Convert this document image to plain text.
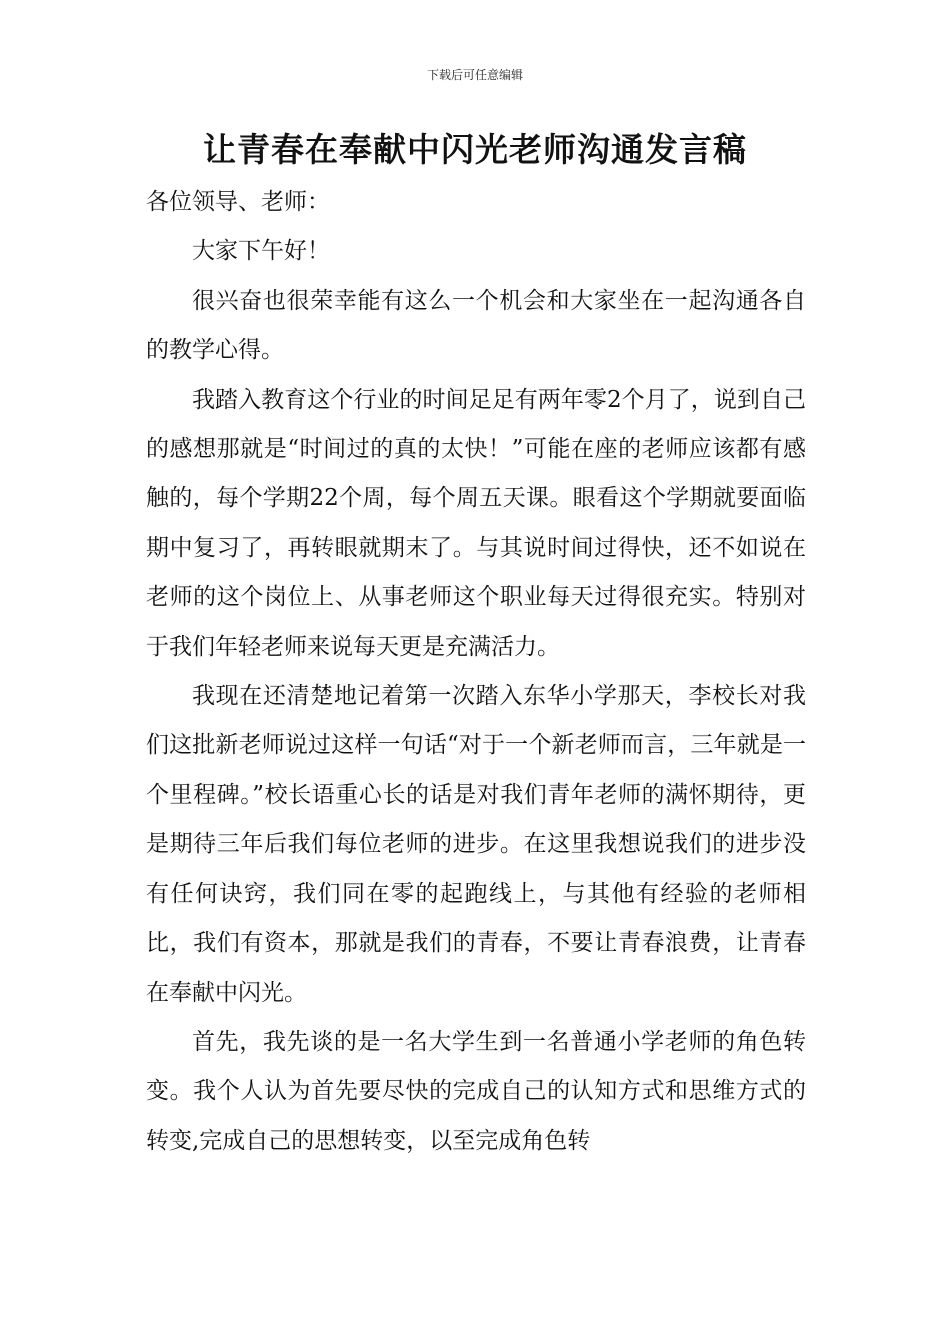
下载后可任意编辑
让青春在奉献中闪光老师沟通发言稿

各位领导、老师：

大家下午好！

很兴奋也很荣幸能有这么一个机会和大家坐在一起沟通各自的教学心得。

我踏入教育这个行业的时间足足有两年零2个月了，说到自己的感想那就是“时间过的真的太快！”可能在座的老师应该都有感触的，每个学期22个周，每个周五天课。眼看这个学期就要面临期中复习了，再转眼就期末了。与其说时间过得快，还不如说在老师的这个岗位上、从事老师这个职业每天过得很充实。特别对于我们年轻老师来说每天更是充满活力。

我现在还清楚地记着第一次踏入东华小学那天，李校长对我们这批新老师说过这样一句话“对于一个新老师而言，三年就是一个里程碑。”校长语重心长的话是对我们青年老师的满怀期待，更是期待三年后我们每位老师的进步。在这里我想说我们的进步没有任何诀窍，我们同在零的起跑线上，与其他有经验的老师相比，我们有资本，那就是我们的青春，不要让青春浪费，让青春在奉献中闪光。

首先，我先谈的是一名大学生到一名普通小学老师的角色转变。我个人认为首先要尽快的完成自己的认知方式和思维方式的转变,完成自己的思想转变，以至完成角色转
